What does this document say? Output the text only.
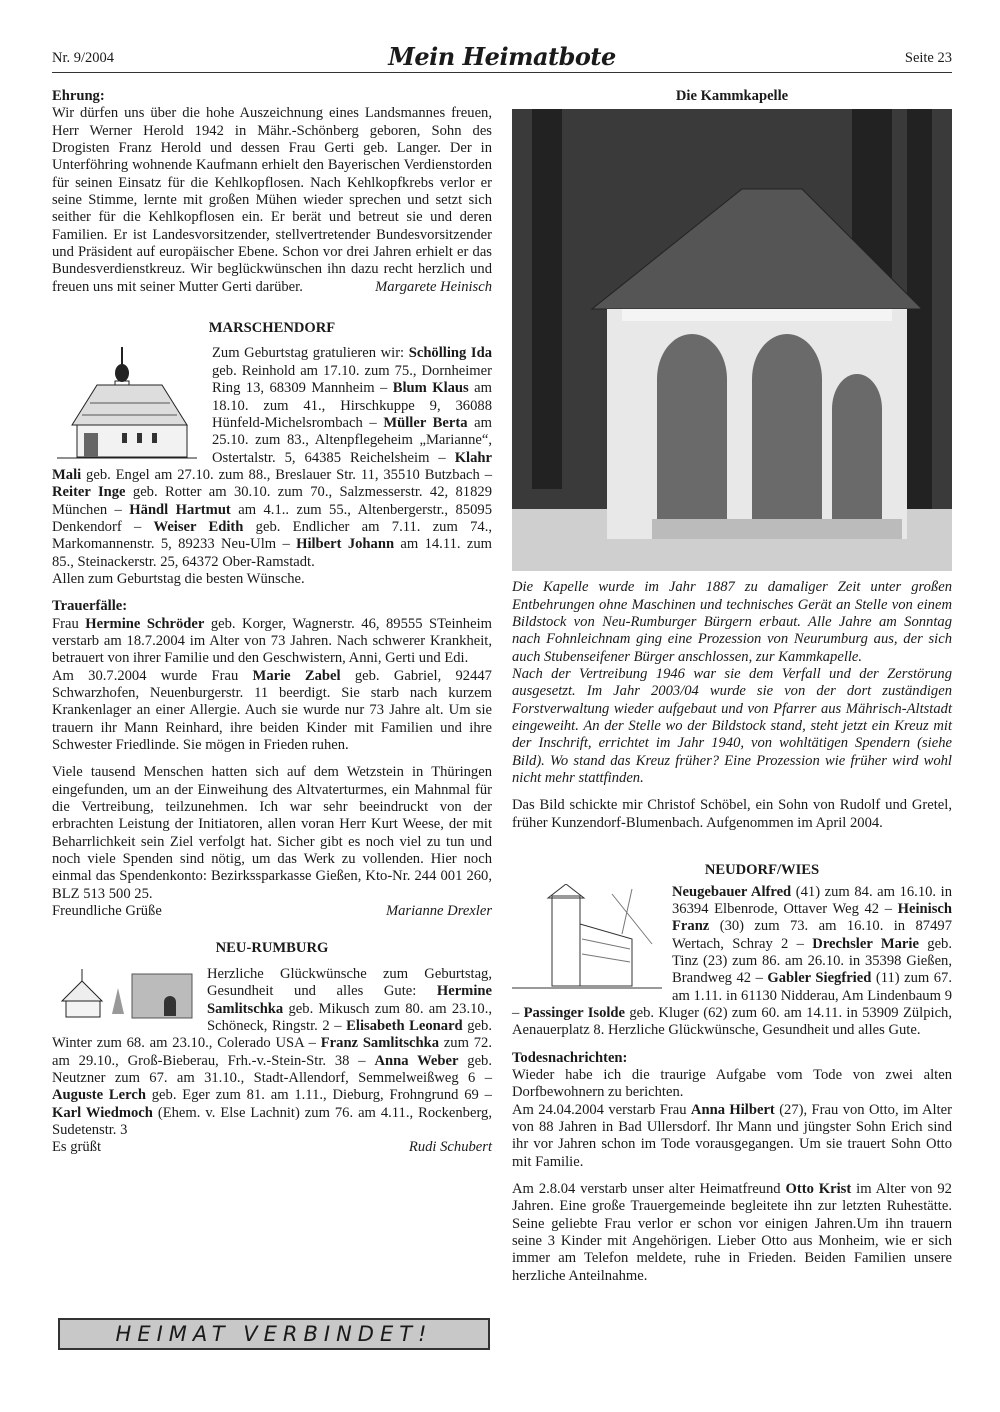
Nr. 9/2004	Mein Heimatbote	Seite 23

Ehrung:

Wir dürfen uns über die hohe Auszeichnung eines Landsmannes freuen, Herr Werner Herold 1942 in Mähr.-Schönberg geboren, Sohn des Drogisten Franz Herold und dessen Frau Gerti geb. Langer. Der in Unterföhring wohnende Kaufmann erhielt den Bayerischen Verdienstorden für seinen Einsatz für die Kehlkopflosen. Nach Kehlkopfkrebs verlor er seine Stimme, lernte mit großen Mühen wieder sprechen und setzt sich seither für die Kehlkopflosen ein. Er berät und betreut sie und deren Familien. Er ist Landesvorsitzender, stellvertretender Bundesvorsitzender und Präsident auf europäischer Ebene. Schon vor drei Jahren erhielt er das Bundesverdienstkreuz. Wir beglückwünschen ihn dazu recht herzlich und freuen uns mit seiner Mutter Gerti darüber.	Margarete Heinisch

MARSCHENDORF

Zum Geburtstag gratulieren wir: Schölling Ida geb. Reinhold am 17.10. zum 75., Dornheimer Ring 13, 68309 Mannheim – Blum Klaus am 18.10. zum 41., Hirschkuppe 9, 36088 Hünfeld-Michelsrombach – Müller Berta am 25.10. zum 83., Altenpflegeheim „Marianne“, Ostertalstr. 5, 64385 Reichelsheim – Klahr Mali geb. Engel am 27.10. zum 88., Breslauer Str. 11, 35510 Butzbach – Reiter Inge geb. Rotter am 30.10. zum 70., Salzmesserstr. 42, 81829 München – Händl Hartmut am 4.1.. zum 55., Altenbergerstr., 85095 Denkendorf – Weiser Edith geb. Endlicher am 7.11. zum 74., Markomannenstr. 5, 89233 Neu-Ulm – Hilbert Johann am 14.11. zum 85., Steinackerstr. 25, 64372 Ober-Ramstadt.

Allen zum Geburtstag die besten Wünsche.

Trauerfälle:

Frau Hermine Schröder geb. Korger, Wagnerstr. 46, 89555 STeinheim verstarb am 18.7.2004 im Alter von 73 Jahren. Nach schwerer Krankheit, betrauert von ihrer Familie und den Geschwistern, Anni, Gerti und Edi.

Am 30.7.2004 wurde Frau Marie Zabel geb. Gabriel, 92447 Schwarzhofen, Neuenburgerstr. 11 beerdigt. Sie starb nach kurzem Krankenlager an einer Allergie. Auch sie wurde nur 73 Jahre alt. Um sie trauern ihr Mann Reinhard, ihre beiden Kinder mit Familien und ihre Schwester Friedlinde. Sie mögen in Frieden ruhen.

Viele tausend Menschen hatten sich auf dem Wetzstein in Thüringen eingefunden, um an der Einweihung des Altvaterturmes, ein Mahnmal für die Vertreibung, teilzunehmen. Ich war sehr beeindruckt von der erbrachten Leistung der Initiatoren, allen voran Herr Kurt Weese, der mit Beharrlichkeit sein Ziel verfolgt hat. Sicher gibt es noch viel zu tun und noch viele Spenden sind nötig, um das Werk zu vollenden. Hier noch einmal das Spendenkonto: Bezirkssparkasse Gießen, Kto-Nr. 244 001 260, BLZ 513 500 25.

Freundliche Grüße	Marianne Drexler

NEU-RUMBURG

Herzliche Glückwünsche zum Geburtstag, Gesundheit und alles Gute: Hermine Samlitschka geb. Mikusch zum 80. am 23.10., Schöneck, Ringstr. 2 – Elisabeth Leonard geb. Winter zum 68. am 23.10., Colerado USA – Franz Samlitschka zum 72. am 29.10., Groß-Bieberau, Frh.-v.-Stein-Str. 38 – Anna Weber geb. Neutzner zum 67. am 31.10., Stadt-Allendorf, Semmelweißweg 6 – Auguste Lerch geb. Eger zum 81. am 1.11., Dieburg, Frohngrund 69 – Karl Wiedmoch (Ehem. v. Else Lachnit) zum 76. am 4.11., Rockenberg, Sudetenstr. 3

Es grüßt	Rudi Schubert
HEIMAT VERBINDET!

Die Kammkapelle

Die Kapelle wurde im Jahr 1887 zu damaliger Zeit unter großen Entbehrungen ohne Maschinen und technisches Gerät an Stelle von einem Bildstock von Neu-Rumburger Bürgern erbaut. Alle Jahre am Sonntag nach Fohnleichnam ging eine Prozession von Neurumburg aus, der sich auch Stubenseifener Bürger anschlossen, zur Kammkapelle.

Nach der Vertreibung 1946 war sie dem Verfall und der Zerstörung ausgesetzt. Im Jahr 2003/04 wurde sie von der dort zuständigen Forstverwaltung wieder aufgebaut und von Pfarrer aus Mährisch-Altstadt eingeweiht. An der Stelle wo der Bildstock stand, steht jetzt ein Kreuz mit der Inschrift, errichtet im Jahr 1940, von wohltätigen Spendern (siehe Bild). Wo stand das Kreuz früher? Eine Prozession wie früher wird wohl nicht mehr stattfinden.

Das Bild schickte mir Christof Schöbel, ein Sohn von Rudolf und Gretel, früher Kunzendorf-Blumenbach. Aufgenommen im April 2004.

NEUDORF/WIES

Neugebauer Alfred (41) zum 84. am 16.10. in 36394 Elbenrode, Ottaver Weg 42 – Heinisch Franz (30) zum 73. am 16.10. in 87497 Wertach, Schray 2 – Drechsler Marie geb. Tinz (23) zum 86. am 26.10. in 35398 Gießen, Brandweg 42 – Gabler Siegfried (11) zum 67. am 1.11. in 61130 Nidderau, Am Lindenbaum 9 – Passinger Isolde geb. Kluger (62) zum 60. am 14.11. in 53909 Zülpich, Aenauerplatz 8. Herzliche Glückwünsche, Gesundheit und alles Gute.

Todesnachrichten:

Wieder habe ich die traurige Aufgabe vom Tode von zwei alten Dorfbewohnern zu berichten.

Am 24.04.2004 verstarb Frau Anna Hilbert (27), Frau von Otto, im Alter von 88 Jahren in Bad Ullersdorf. Ihr Mann und jüngster Sohn Erich sind ihr vor Jahren schon im Tode vorausgegangen. Um sie trauert Sohn Otto mit Familie.

Am 2.8.04 verstarb unser alter Heimatfreund Otto Krist im Alter von 92 Jahren. Eine große Trauergemeinde begleitete ihn zur letzten Ruhestätte. Seine geliebte Frau verlor er schon vor einigen Jahren.Um ihn trauern seine 3 Kinder mit Angehörigen. Lieber Otto aus Monheim, wie er sich immer am Telefon meldete, ruhe in Frieden. Beiden Familien unsere herzliche Anteilnahme.
